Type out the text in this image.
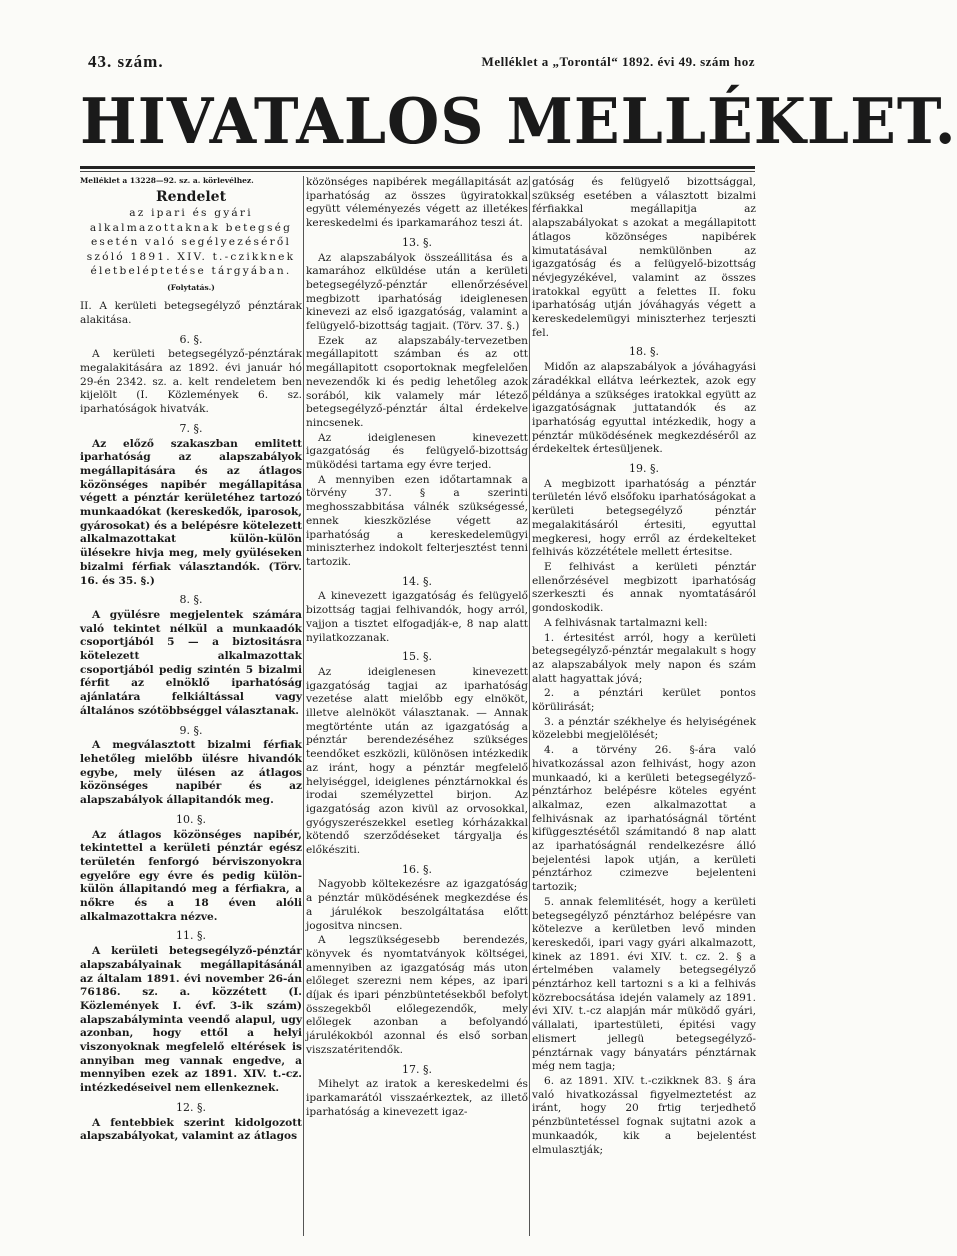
43. szám.	Melléklet a „Torontál“ 1892. évi 49. szám hoz
HIVATALOS MELLÉKLET.
Melléklet a 13228—92. sz. a. körlevélhez.
Rendelet
az ipari és gyári alkalmazottaknak betegség esetén való segélyezéséről szóló 1891. XIV. t.-czikknek életbeléptetése tárgyában.
(Folytatás.)
II. A kerületi betegsegélyző pénztárak alakitása.
6. §.
A kerületi betegsegélyző-pénztárak megalakitására az 1892. évi január hó 29-én 2342. sz. a. kelt rendeletem ben kijelölt (I. Közlemények 6. sz. iparhatóságok hivatvák.
7. §.
Az előző szakaszban emlitett iparhatóság az alapszabályok megállapitására és az átlagos közönséges napibér megállapitása végett a pénztár kerületéhez tartozó munkaadókat (kereskedők, iparosok, gyárosokat) és a belépésre kötelezett alkalmazottakat külön-külön ülésekre hivja meg, mely gyüléseken bizalmi férfiak választandók. (Törv. 16. és 35. §.)
8. §.
A gyülésre megjelentek számára való tekintet nélkül a munkaadók csoportjából 5 — a biztositásra kötelezett alkalmazottak csoportjából pedig szintén 5 bizalmi férfit az elnöklő iparhatóság ajánlatára felkiáltással vagy általános szótöbbséggel választanak.
9. §.
A megválasztott bizalmi férfiak lehetőleg mielőbb ülésre hivandók egybe, mely ülésen az átlagos közönséges napibér és az alapszabályok állapitandók meg.
10. §.
Az átlagos közönséges napibér, tekintettel a kerületi pénztár egész területén fenforgó bérviszonyokra egyelőre egy évre és pedig külön-külön állapitandó meg a férfiakra, a nőkre és a 18 éven alóli alkalmazottakra nézve.
11. §.
A kerületi betegsegélyző-pénztár alapszabályainak megállapitásánál az általam 1891. évi november 26-án 76186. sz. a. közzétett (I. Közlemények I. évf. 3-ik szám) alapszabályminta veendő alapul, ugy azonban, hogy ettől a helyi viszonyoknak megfelelő eltérések is annyiban meg vannak engedve, a mennyiben ezek az 1891. XIV. t.-cz. intézkedéseivel nem ellenkeznek.
12. §.
A fentebbiek szerint kidolgozott alapszabályokat, valamint az átlagos
közönséges napibérek megállapitását az iparhatóság az összes ügyiratokkal együtt véleményezés végett az illetékes kereskedelmi és iparkamarához teszi át.
13. §.
Az alapszabályok összeállitása és a kamarához elküldése után a kerületi betegsegélyző-pénztár ellenőrzésével megbizott iparhatóság ideiglenesen kinevezi az első igazgatóság, valamint a felügyelő-bizottság tagjait. (Törv. 37. §.)
Ezek az alapszabály-tervezetben megállapitott számban és az ott megállapitott csoportoknak megfelelően nevezendők ki és pedig lehetőleg azok sorából, kik valamely már létező betegsegélyző-pénztár által érdekelve nincsenek.
Az ideiglenesen kinevezett igazgatóság és felügyelő-bizottság müködési tartama egy évre terjed.
A mennyiben ezen időtartamnak a törvény 37. § a szerinti meghosszabbitása válnék szükségessé, ennek kieszközlése végett az iparhatóság a kereskedelemügyi miniszterhez indokolt felterjesztést tenni tartozik.
14. §.
A kinevezett igazgatóság és felügyelő bizottság tagjai felhivandók, hogy arról, vajjon a tisztet elfogadják-e, 8 nap alatt nyilatkozzanak.
15. §.
Az ideiglenesen kinevezett igazgatóság tagjai az iparhatóság vezetése alatt mielőbb egy elnököt, illetve alelnököt választanak. — Annak megtörténte után az igazgatóság a pénztár berendezéséhez szükséges teendőket eszközli, különösen intézkedik az iránt, hogy a pénztár megfelelő helyiséggel, ideiglenes pénztárnokkal és irodai személyzettel birjon. Az igazgatóság azon kivül az orvosokkal, gyógyszerészekkel esetleg kórházakkal kötendő szerződéseket tárgyalja és előkésziti.
16. §.
Nagyobb költekezésre az igazgatóság a pénztár müködésének megkezdése és a járulékok beszolgáltatása előtt jogositva nincsen.
A legszükségesebb berendezés, könyvek és nyomtatványok költségei, amennyiben az igazgatóság más uton előleget szerezni nem képes, az ipari díjak és ipari pénzbüntetésekből befolyt összegekből előlegezendők, mely előlegek azonban a befolyandó járulékokból azonnal és első sorban viszszatéritendők.
17. §.
Mihelyt az iratok a kereskedelmi és iparkamarától visszaérkeztek, az illető iparhatóság a kinevezett igaz-
gatóság és felügyelő bizottsággal, szükség esetében a választott bizalmi férfiakkal megállapitja az alapszabályokat s azokat a megállapitott átlagos közönséges napibérek kimutatásával nemkülönben az igazgatóság és a felügyelő-bizottság névjegyzékével, valamint az összes iratokkal együtt a felettes II. foku iparhatóság utján jóváhagyás végett a kereskedelemügyi miniszterhez terjeszti fel.
18. §.
Midőn az alapszabályok a jóváhagyási záradékkal ellátva leérkeztek, azok egy példánya a szükséges iratokkal együtt az igazgatóságnak juttatandók és az iparhatóság egyuttal intézkedik, hogy a pénztár müködésének megkezdéséről az érdekeltek értesüljenek.
19. §.
A megbizott iparhatóság a pénztár területén lévő elsőfoku iparhatóságokat a kerületi betegsegélyző pénztár megalakitásáról értesiti, egyuttal megkeresi, hogy erről az érdekelteket felhivás közzététele mellett értesitse.
E felhivást a kerületi pénztár ellenőrzésével megbizott iparhatóság szerkeszti és annak nyomtatásáról gondoskodik.
A felhivásnak tartalmazni kell:
1. értesitést arról, hogy a kerületi betegsegélyző-pénztár megalakult s hogy az alapszabályok mely napon és szám alatt hagyattak jóvá;
2. a pénztári kerület pontos körülirását;
3. a pénztár székhelye és helyiségének közelebbi megjelölését;
4. a törvény 26. §-ára való hivatkozással azon felhivást, hogy azon munkaadó, ki a kerületi betegsegélyző-pénztárhoz belépésre köteles egyént alkalmaz, ezen alkalmazottat a felhivásnak az iparhatóságnál történt kifüggesztésétől számitandó 8 nap alatt az iparhatóságnál rendelkezésre álló bejelentési lapok utján, a kerületi pénztárhoz czimezve bejelenteni tartozik;
5. annak felemlitését, hogy a kerületi betegsegélyző pénztárhoz belépésre van kötelezve a kerületben levő minden kereskedői, ipari vagy gyári alkalmazott, kinek az 1891. évi XIV. t. cz. 2. § a értelmében valamely betegsegélyző pénztárhoz kell tartozni s a ki a felhivás közrebocsátása idején valamely az 1891. évi XIV. t.-cz alapján már müködő gyári, vállalati, ipartestületi, épitési vagy elismert jellegü betegsegélyző-pénztárnak vagy bányatárs pénztárnak még nem tagja;
6. az 1891. XIV. t.-czikknek 83. § ára való hivatkozással figyelmeztetést az iránt, hogy 20 frtig terjedhető pénzbüntetéssel fognak sujtatni azok a munkaadók, kik a bejelentést elmulasztják;
